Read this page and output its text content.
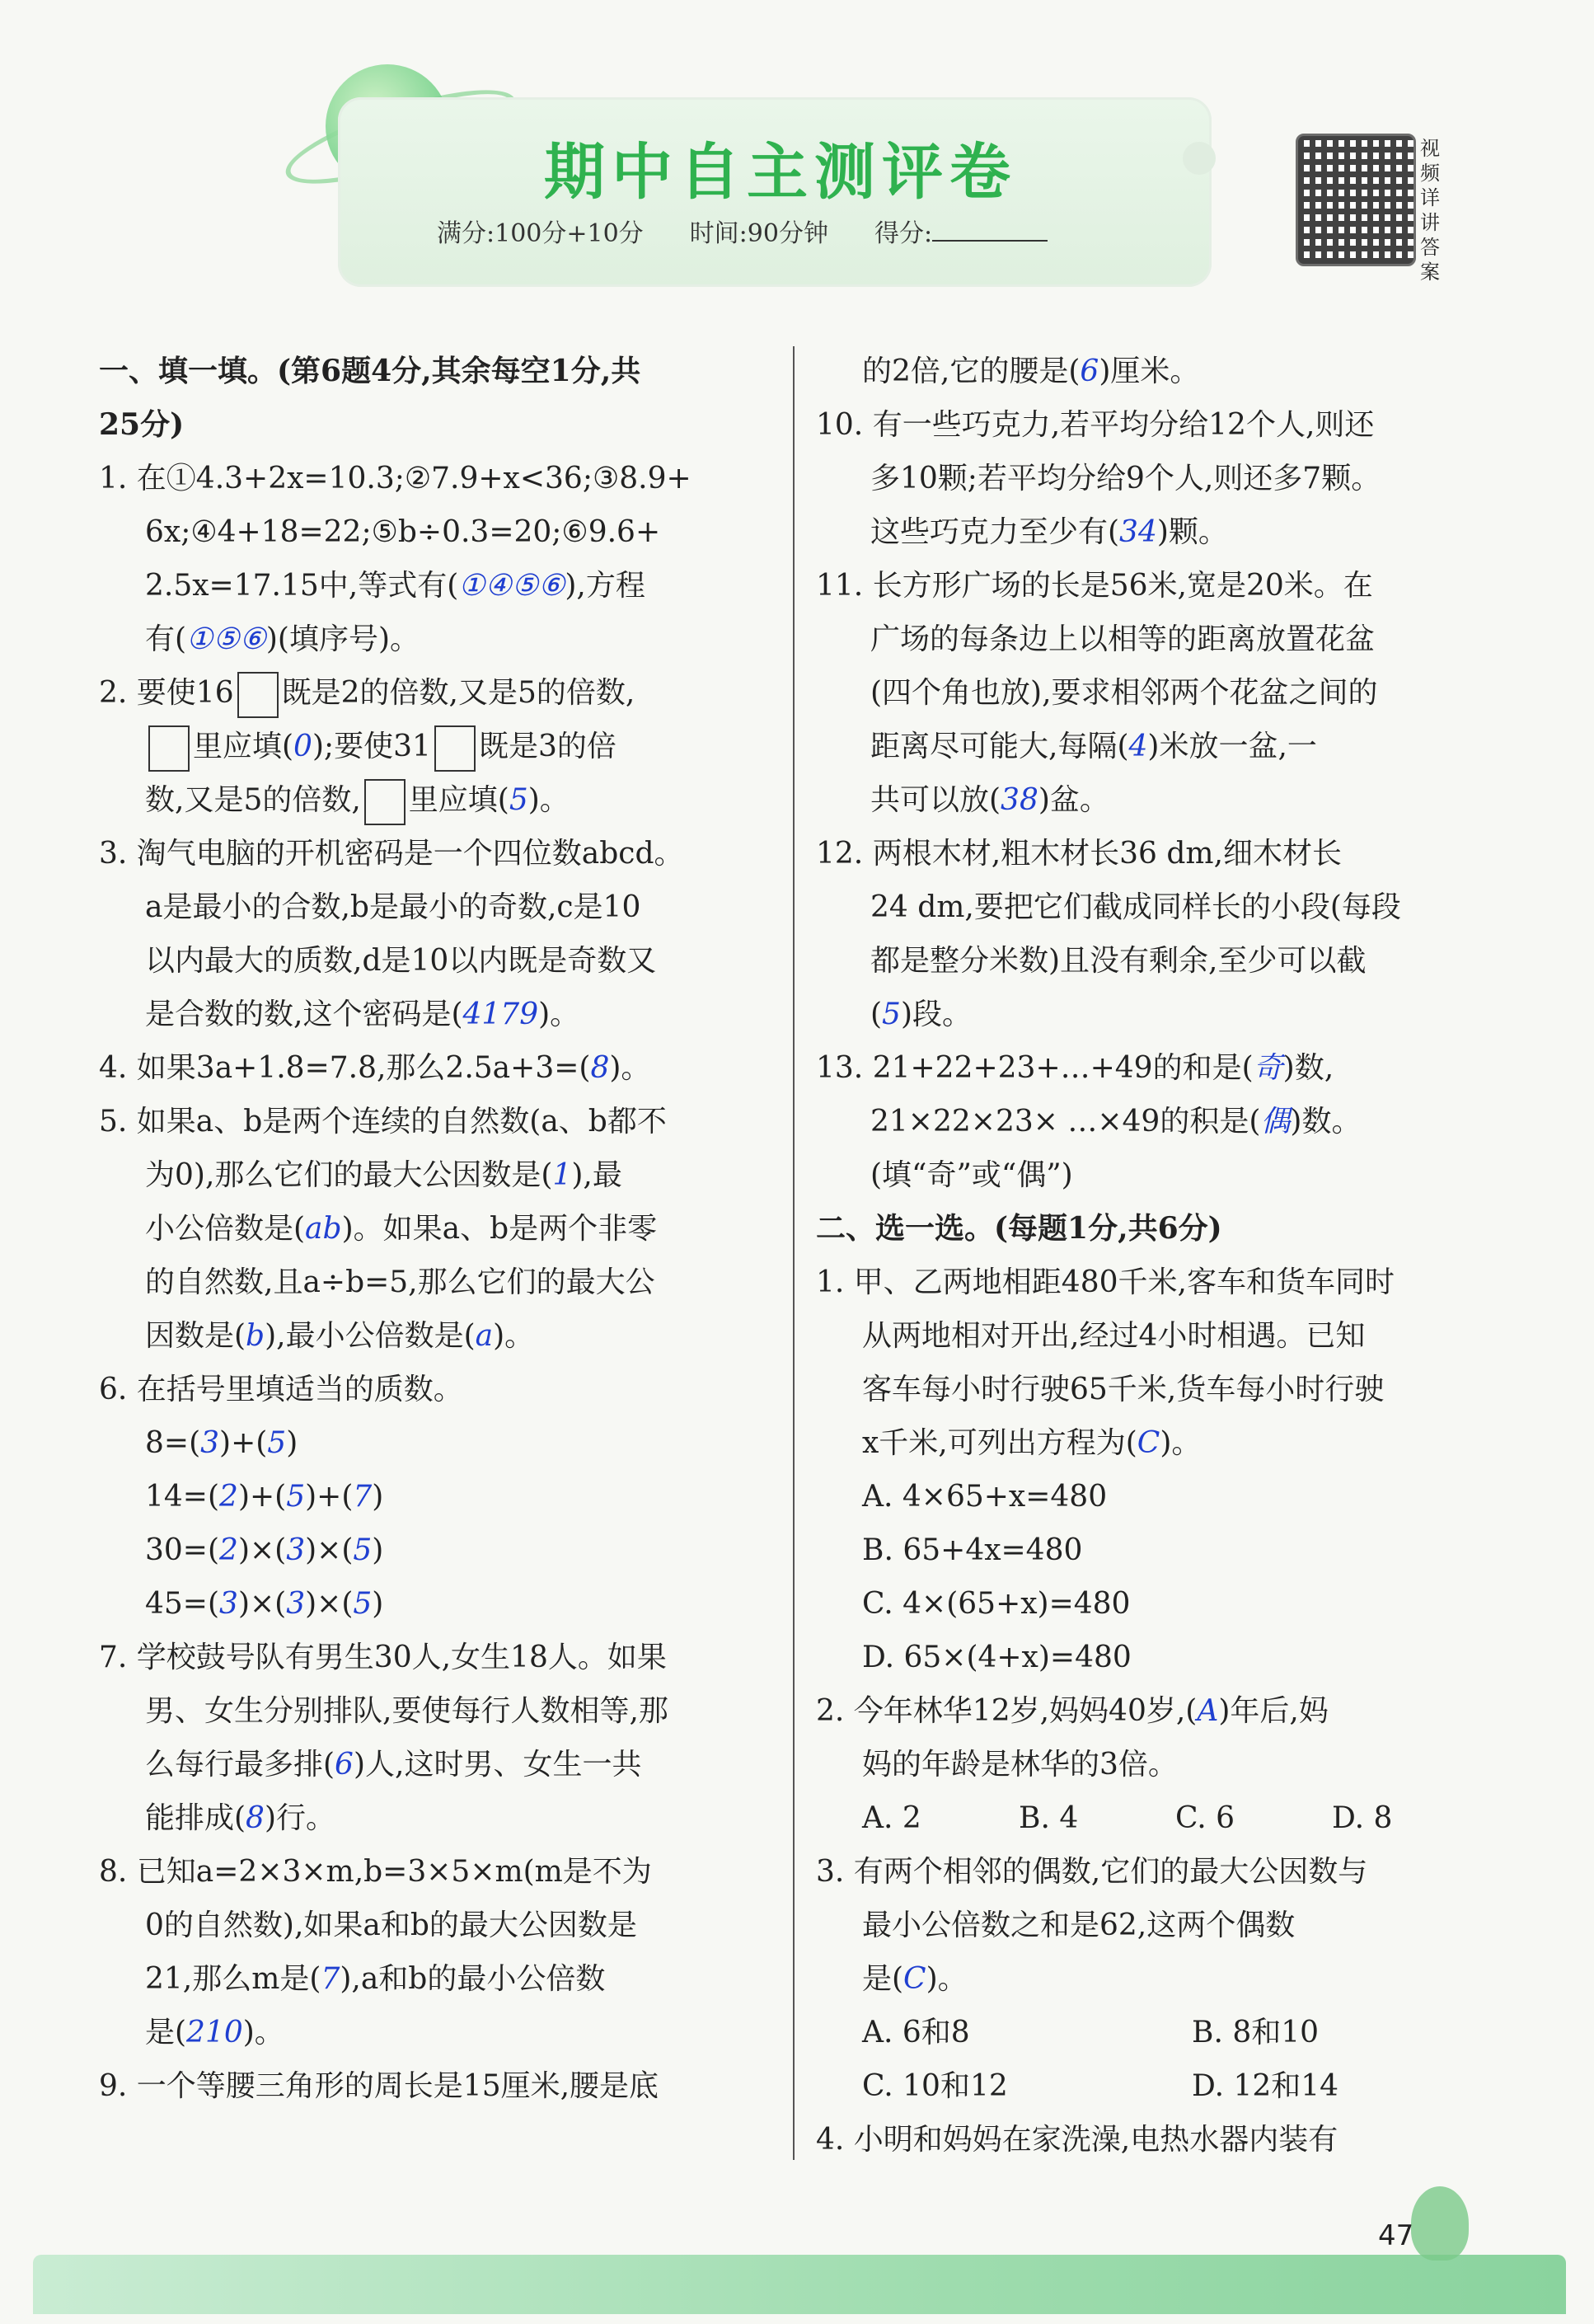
期中自主测评卷
满分:100分+10分 时间:90分钟 得分:
视频详讲答案

一、填一填。(第6题4分,其余每空1分,共

25分)

1. 在①4.3+2x=10.3;②7.9+x<36;③8.9+

6x;④4+18=22;⑤b÷0.3=20;⑥9.6+

2.5x=17.15中,等式有(①④⑤⑥),方程

有(①⑤⑥)(填序号)。

2. 要使16 既是2的倍数,又是5的倍数,

里应填(0);要使31 既是3的倍

数,又是5的倍数, 里应填(5)。

3. 淘气电脑的开机密码是一个四位数abcd。

a是最小的合数,b是最小的奇数,c是10

以内最大的质数,d是10以内既是奇数又

是合数的数,这个密码是(4179)。

4. 如果3a+1.8=7.8,那么2.5a+3=(8)。

5. 如果a、b是两个连续的自然数(a、b都不

为0),那么它们的最大公因数是(1),最

小公倍数是(ab)。如果a、b是两个非零

的自然数,且a÷b=5,那么它们的最大公

因数是(b),最小公倍数是(a)。

6. 在括号里填适当的质数。

8=(3)+(5)

14=(2)+(5)+(7)

30=(2)×(3)×(5)

45=(3)×(3)×(5)

7. 学校鼓号队有男生30人,女生18人。如果

男、女生分别排队,要使每行人数相等,那

么每行最多排(6)人,这时男、女生一共

能排成(8)行。

8. 已知a=2×3×m,b=3×5×m(m是不为

0的自然数),如果a和b的最大公因数是

21,那么m是(7),a和b的最小公倍数

是(210)。

9. 一个等腰三角形的周长是15厘米,腰是底

的2倍,它的腰是(6)厘米。

10. 有一些巧克力,若平均分给12个人,则还

多10颗;若平均分给9个人,则还多7颗。

这些巧克力至少有(34)颗。

11. 长方形广场的长是56米,宽是20米。在

广场的每条边上以相等的距离放置花盆

(四个角也放),要求相邻两个花盆之间的

距离尽可能大,每隔(4)米放一盆,一

共可以放(38)盆。

12. 两根木材,粗木材长36 dm,细木材长

24 dm,要把它们截成同样长的小段(每段

都是整分米数)且没有剩余,至少可以截

(5)段。

13. 21+22+23+…+49的和是(奇)数,

21×22×23× …×49的积是(偶)数。

(填“奇”或“偶”)

二、选一选。(每题1分,共6分)

1. 甲、乙两地相距480千米,客车和货车同时

从两地相对开出,经过4小时相遇。已知

客车每小时行驶65千米,货车每小时行驶

x千米,可列出方程为(C)。

A. 4×65+x=480

B. 65+4x=480

C. 4×(65+x)=480

D. 65×(4+x)=480

2. 今年林华12岁,妈妈40岁,(A)年后,妈

妈的年龄是林华的3倍。

A. 2	B. 4	C. 6	D. 8

3. 有两个相邻的偶数,它们的最大公因数与

最小公倍数之和是62,这两个偶数

是(C)。

A. 6和8	B. 8和10

C. 10和12	D. 12和14

4. 小明和妈妈在家洗澡,电热水器内装有

47
